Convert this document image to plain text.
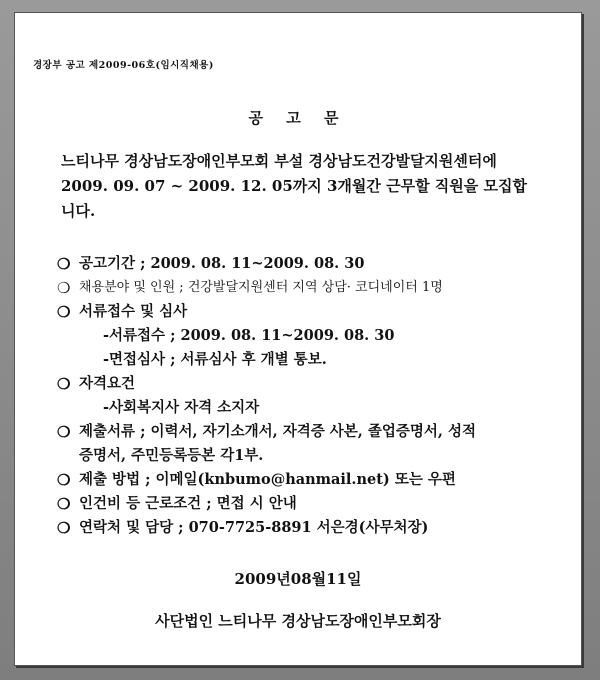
경장부 공고 제2009-06호(임시직채용)
공 고 문
느티나무 경상남도장애인부모회 부설 경상남도건강발달지원센터에
2009. 09. 07 ~ 2009. 12. 05까지 3개월간 근무할 직원을 모집합
니다.
❍ 공고기간 ; 2009. 08. 11~2009. 08. 30
❍ 채용분야 및 인원 ; 건강발달지원센터 지역 상담· 코디네이터 1명
❍ 서류접수 및 심사
-서류접수 ; 2009. 08. 11~2009. 08. 30
-면접심사 ; 서류심사 후 개별 통보.
❍ 자격요건
-사회복지사 자격 소지자
❍ 제출서류 ; 이력서, 자기소개서, 자격증 사본, 졸업증명서, 성적
증명서, 주민등록등본 각1부.
❍ 제출 방법 ; 이메일(knbumo@hanmail.net) 또는 우편
❍ 인건비 등 근로조건 ; 면접 시 안내
❍ 연락처 및 담당 ; 070-7725-8891 서은경(사무처장)
2009년08월11일
사단법인 느티나무 경상남도장애인부모회장
